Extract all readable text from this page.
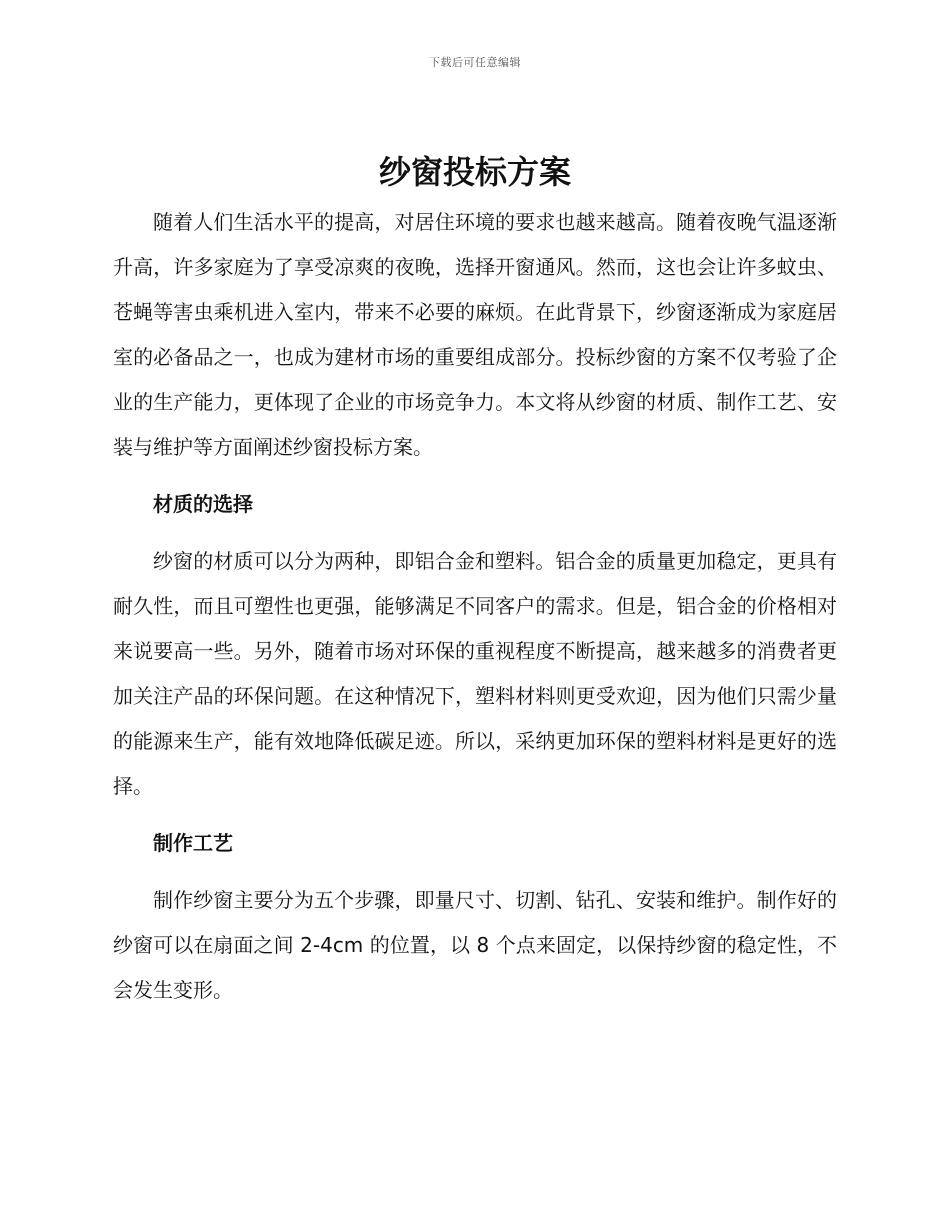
下载后可任意编辑
纱窗投标方案

随着人们生活水平的提高，对居住环境的要求也越来越高。随着夜晚气温逐渐升高，许多家庭为了享受凉爽的夜晚，选择开窗通风。然而，这也会让许多蚊虫、苍蝇等害虫乘机进入室内，带来不必要的麻烦。在此背景下，纱窗逐渐成为家庭居室的必备品之一，也成为建材市场的重要组成部分。投标纱窗的方案不仅考验了企业的生产能力，更体现了企业的市场竞争力。本文将从纱窗的材质、制作工艺、安装与维护等方面阐述纱窗投标方案。

材质的选择

纱窗的材质可以分为两种，即铝合金和塑料。铝合金的质量更加稳定，更具有耐久性，而且可塑性也更强，能够满足不同客户的需求。但是，铝合金的价格相对来说要高一些。另外，随着市场对环保的重视程度不断提高，越来越多的消费者更加关注产品的环保问题。在这种情况下，塑料材料则更受欢迎，因为他们只需少量的能源来生产，能有效地降低碳足迹。所以，采纳更加环保的塑料材料是更好的选择。

制作工艺

制作纱窗主要分为五个步骤，即量尺寸、切割、钻孔、安装和维护。制作好的纱窗可以在扇面之间 2-4cm 的位置，以 8 个点来固定，以保持纱窗的稳定性，不会发生变形。
